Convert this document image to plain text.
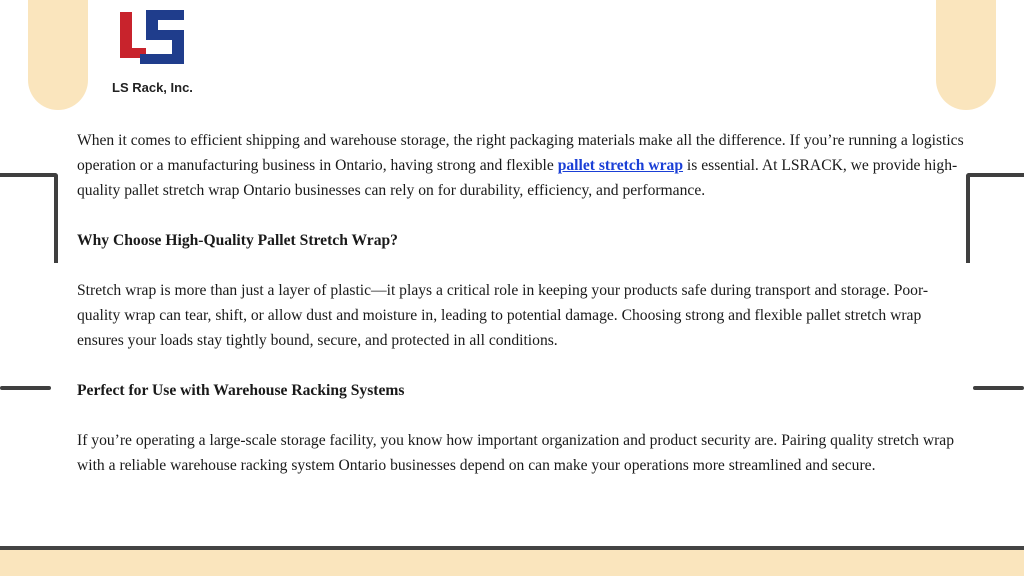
LS Rack, Inc.

When it comes to efficient shipping and warehouse storage, the right packaging materials make all the difference. If you’re running a logistics operation or a manufacturing business in Ontario, having strong and flexible pallet stretch wrap is essential. At LSRACK, we provide high-quality pallet stretch wrap Ontario businesses can rely on for durability, efficiency, and performance.

Why Choose High-Quality Pallet Stretch Wrap?

Stretch wrap is more than just a layer of plastic—it plays a critical role in keeping your products safe during transport and storage. Poor-quality wrap can tear, shift, or allow dust and moisture in, leading to potential damage. Choosing strong and flexible pallet stretch wrap ensures your loads stay tightly bound, secure, and protected in all conditions.

Perfect for Use with Warehouse Racking Systems

If you’re operating a large-scale storage facility, you know how important organization and product security are. Pairing quality stretch wrap with a reliable warehouse racking system Ontario businesses depend on can make your operations more streamlined and secure.
